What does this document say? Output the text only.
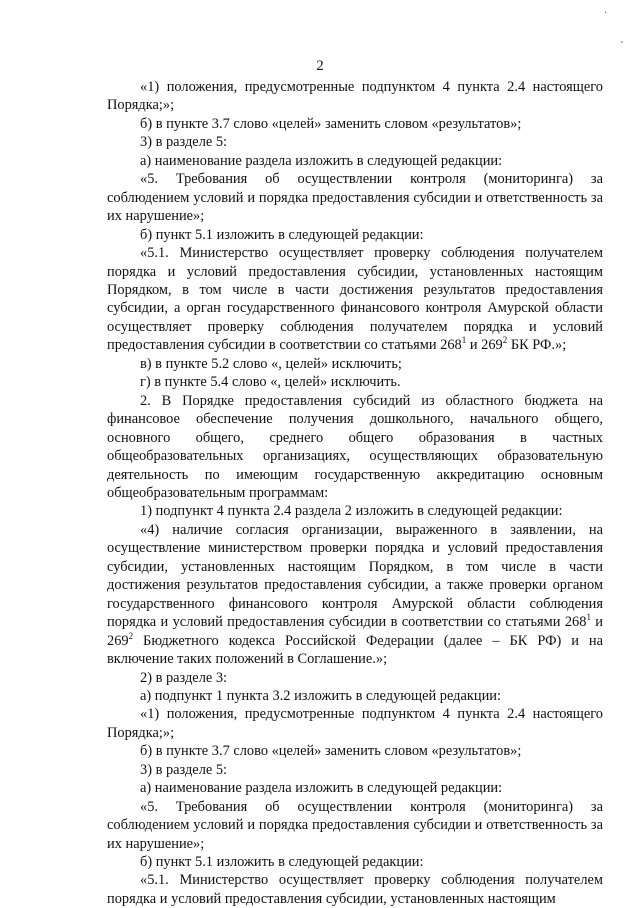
2

«1) положения, предусмотренные подпунктом 4 пункта 2.4 настоящего Порядка;»;

б) в пункте 3.7 слово «целей» заменить словом «результатов»;

3) в разделе 5:

а) наименование раздела изложить в следующей редакции:

«5. Требования об осуществлении контроля (мониторинга) за соблюдением условий и порядка предоставления субсидии и ответственность за их нарушение»;

б) пункт 5.1 изложить в следующей редакции:

«5.1. Министерство осуществляет проверку соблюдения получателем порядка и условий предоставления субсидии, установленных настоящим Порядком, в том числе в части достижения результатов предоставления субсидии, а орган государственного финансового контроля Амурской области осуществляет проверку соблюдения получателем порядка и условий предоставления субсидии в соответствии со статьями $268^1$ и $269^2$ БК РФ.»;

в) в пункте 5.2 слово «, целей» исключить;

г) в пункте 5.4 слово «, целей» исключить.

2. В Порядке предоставления субсидий из областного бюджета на финансовое обеспечение получения дошкольного, начального общего, основного общего, среднего общего образования в частных общеобразовательных организациях, осуществляющих образовательную деятельность по имеющим государственную аккредитацию основным общеобразовательным программам:

1) подпункт 4 пункта 2.4 раздела 2 изложить в следующей редакции:

«4) наличие согласия организации, выраженного в заявлении, на осуществление министерством проверки порядка и условий предоставления субсидии, установленных настоящим Порядком, в том числе в части достижения результатов предоставления субсидии, а также проверки органом государственного финансового контроля Амурской области соблюдения порядка и условий предоставления субсидии в соответствии со статьями $268^1$ и $269^2$ Бюджетного кодекса Российской Федерации (далее – БК РФ) и на включение таких положений в Соглашение.»;

2) в разделе 3:

а) подпункт 1 пункта 3.2 изложить в следующей редакции:

«1) положения, предусмотренные подпунктом 4 пункта 2.4 настоящего Порядка;»;

б) в пункте 3.7 слово «целей» заменить словом «результатов»;

3) в разделе 5:

а) наименование раздела изложить в следующей редакции:

«5. Требования об осуществлении контроля (мониторинга) за соблюдением условий и порядка предоставления субсидии и ответственность за их нарушение»;

б) пункт 5.1 изложить в следующей редакции:

«5.1. Министерство осуществляет проверку соблюдения получателем порядка и условий предоставления субсидии, установленных настоящим

·
'
